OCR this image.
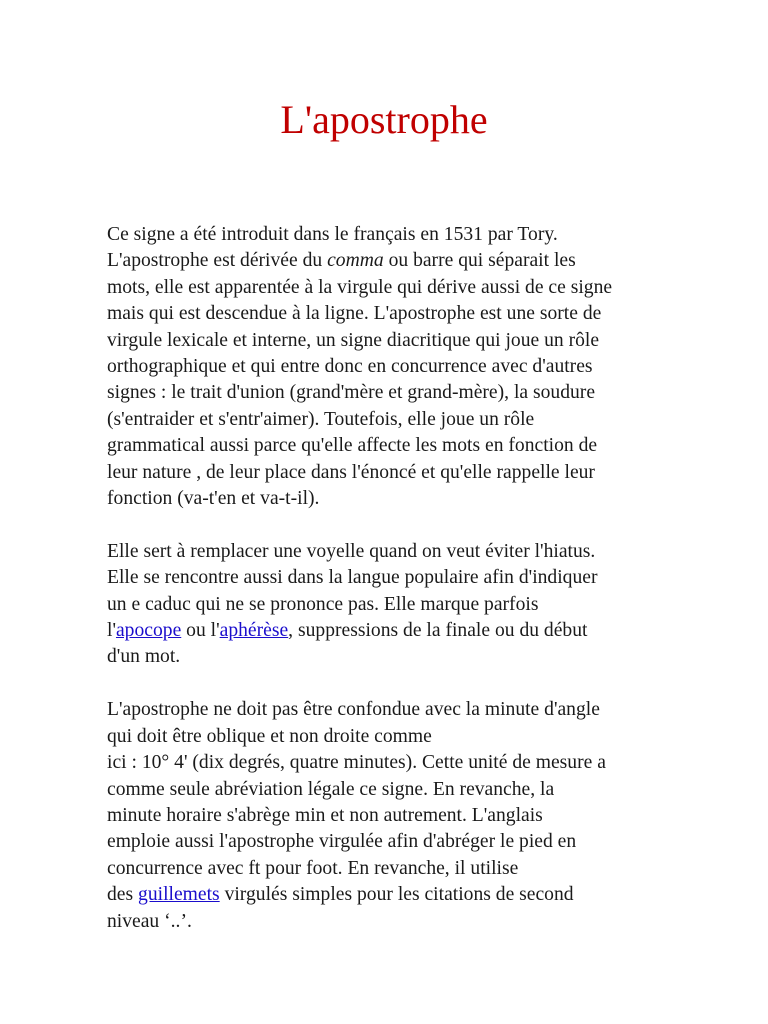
L'apostrophe

Ce signe a été introduit dans le français en 1531 par Tory.
L'apostrophe est dérivée du comma ou barre qui séparait les
mots, elle est apparentée à la virgule qui dérive aussi de ce signe
mais qui est descendue à la ligne. L'apostrophe est une sorte de
virgule lexicale et interne, un signe diacritique qui joue un rôle
orthographique et qui entre donc en concurrence avec d'autres
signes : le trait d'union (grand'mère et grand-mère), la soudure
(s'entraider et s'entr'aimer). Toutefois, elle joue un rôle
grammatical aussi parce qu'elle affecte les mots en fonction de
leur nature , de leur place dans l'énoncé et qu'elle rappelle leur
fonction (va-t'en et va-t-il).

Elle sert à remplacer une voyelle quand on veut éviter l'hiatus.
Elle se rencontre aussi dans la langue populaire afin d'indiquer
un e caduc qui ne se prononce pas. Elle marque parfois
l'apocope ou l'aphérèse, suppressions de la finale ou du début
d'un mot.

L'apostrophe ne doit pas être confondue avec la minute d'angle
qui doit être oblique et non droite comme
ici : 10° 4' (dix degrés, quatre minutes). Cette unité de mesure a
comme seule abréviation légale ce signe. En revanche, la
minute horaire s'abrège min et non autrement. L'anglais
emploie aussi l'apostrophe virgulée afin d'abréger le pied en
concurrence avec ft pour foot. En revanche, il utilise
des guillemets virgulés simples pour les citations de second
niveau ‘..’.
